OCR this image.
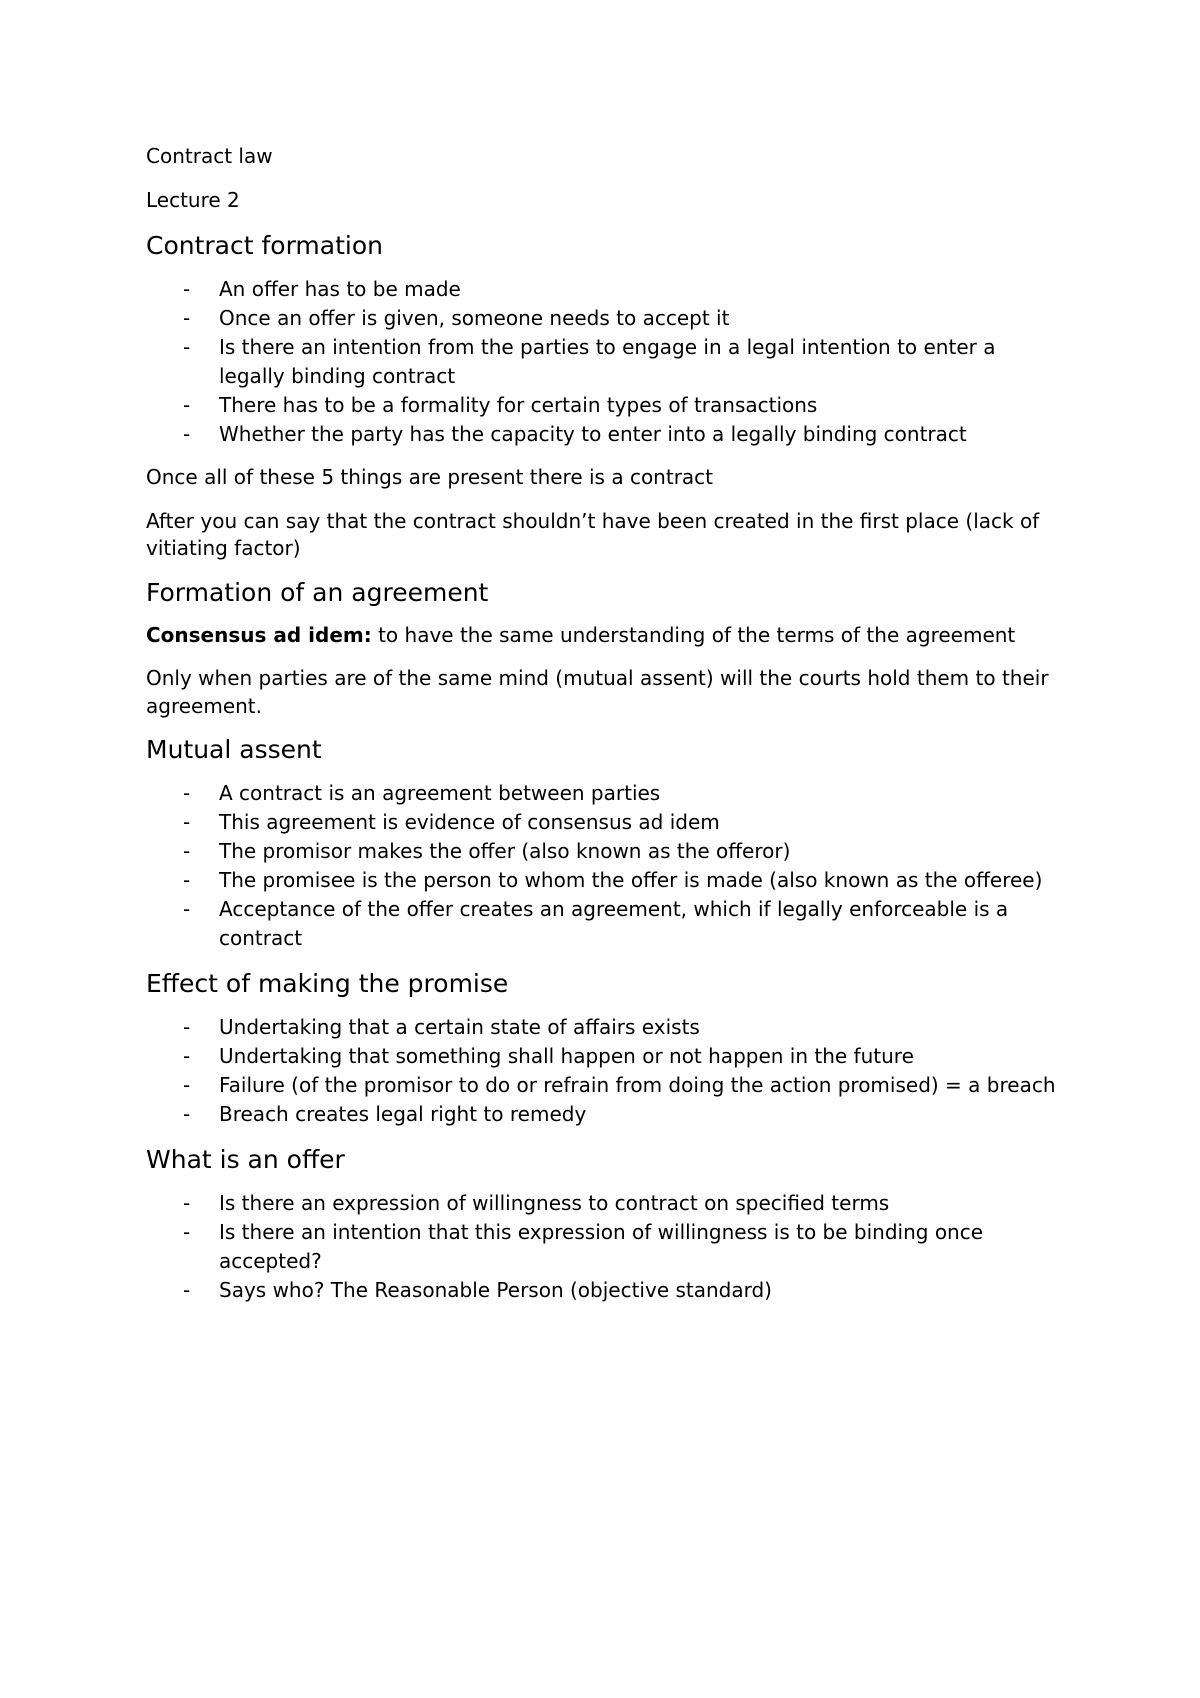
Contract law

Lecture 2

Contract formation
- An offer has to be made
- Once an offer is given, someone needs to accept it
- Is there an intention from the parties to engage in a legal intention to enter a legally binding contract
- There has to be a formality for certain types of transactions
- Whether the party has the capacity to enter into a legally binding contract

Once all of these 5 things are present there is a contract

After you can say that the contract shouldn’t have been created in the first place (lack of vitiating factor)

Formation of an agreement

Consensus ad idem: to have the same understanding of the terms of the agreement

Only when parties are of the same mind (mutual assent) will the courts hold them to their agreement.

Mutual assent
- A contract is an agreement between parties
- This agreement is evidence of consensus ad idem
- The promisor makes the offer (also known as the offeror)
- The promisee is the person to whom the offer is made (also known as the offeree)
- Acceptance of the offer creates an agreement, which if legally enforceable is a contract
Effect of making the promise
- Undertaking that a certain state of affairs exists
- Undertaking that something shall happen or not happen in the future
- Failure (of the promisor to do or refrain from doing the action promised) = a breach
- Breach creates legal right to remedy
What is an offer
- Is there an expression of willingness to contract on specified terms
- Is there an intention that this expression of willingness is to be binding once accepted?
- Says who? The Reasonable Person (objective standard)
